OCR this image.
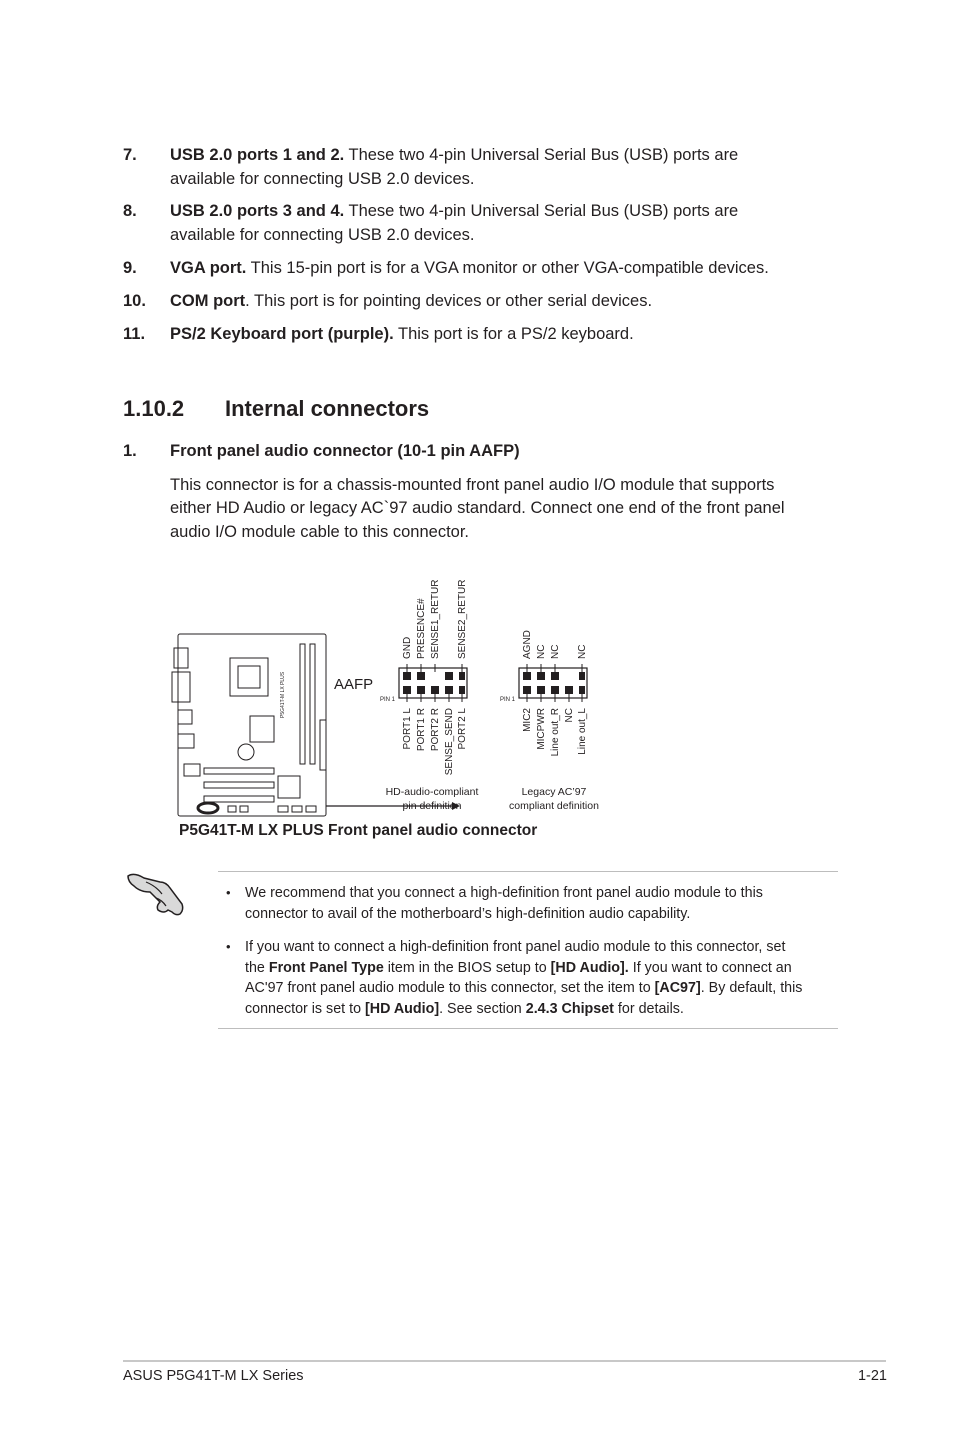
7. USB 2.0 ports 1 and 2. These two 4-pin Universal Serial Bus (USB) ports are
available for connecting USB 2.0 devices.
8. USB 2.0 ports 3 and 4. These two 4-pin Universal Serial Bus (USB) ports are
available for connecting USB 2.0 devices.
9. VGA port. This 15-pin port is for a VGA monitor or other VGA-compatible devices.
10. COM port. This port is for pointing devices or other serial devices.
11. PS/2 Keyboard port (purple). This port is for a PS/2 keyboard.
1.10.2 Internal connectors
1. Front panel audio connector (10-1 pin AAFP)
This connector is for a chassis-mounted front panel audio I/O module that supports
either HD Audio or legacy AC`97 audio standard. Connect one end of the front panel
audio I/O module cable to this connector.
P5G41T-M LX PLUS	AAFP
PIN 1
GND PRESENCE# SENSE1_RETUR SENSE2_RETUR
PORT1 L PORT1 R PORT2 R SENSE_SEND PORT2 L
HD-audio-compliant
pin definition
PIN 1
AGND NC NC NC
MIC2 MICPWR Line out_R NC Line out_L
Legacy AC’97
compliant definition
P5G41T-M LX PLUS Front panel audio connector
• We recommend that you connect a high-definition front panel audio module to this
connector to avail of the motherboard’s high-definition audio capability.
• If you want to connect a high-definition front panel audio module to this connector, set
the Front Panel Type item in the BIOS setup to [HD Audio]. If you want to connect an
AC'97 front panel audio module to this connector, set the item to [AC97]. By default, this
connector is set to [HD Audio]. See section 2.4.3 Chipset for details.
ASUS P5G41T-M LX Series	1-21
